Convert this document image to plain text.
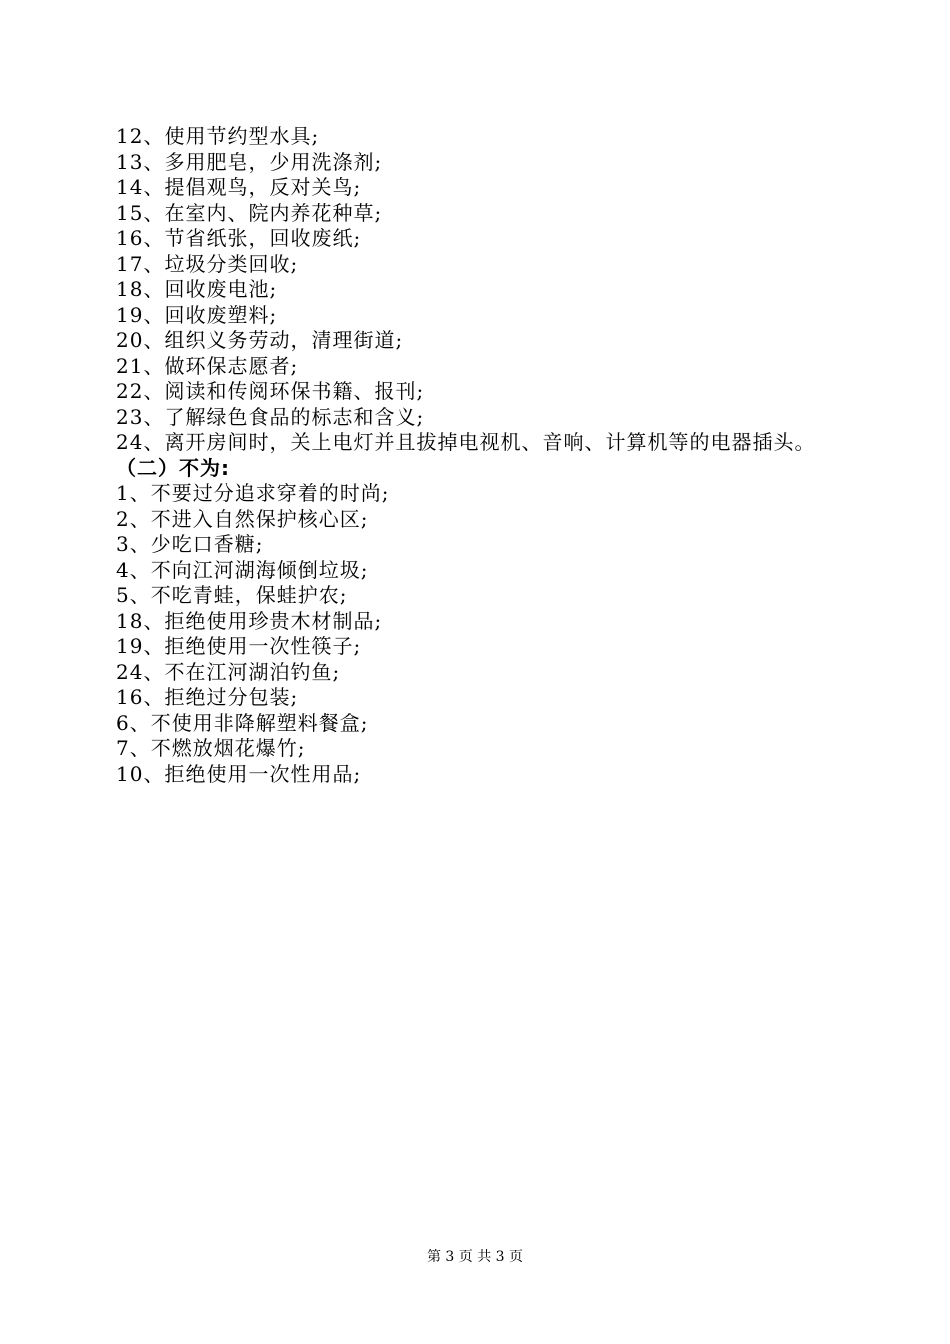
12、使用节约型水具;
13、多用肥皂，少用洗涤剂;
14、提倡观鸟，反对关鸟;
15、在室内、院内养花种草;
16、节省纸张，回收废纸;
17、垃圾分类回收;
18、回收废电池;
19、回收废塑料;
20、组织义务劳动，清理街道;
21、做环保志愿者;
22、阅读和传阅环保书籍、报刊;
23、了解绿色食品的标志和含义;
24、离开房间时，关上电灯并且拔掉电视机、音响、计算机等的电器插头。
（二）不为:
1、不要过分追求穿着的时尚;
2、不进入自然保护核心区;
3、少吃口香糖;
4、不向江河湖海倾倒垃圾;
5、不吃青蛙，保蛙护农;
18、拒绝使用珍贵木材制品;
19、拒绝使用一次性筷子;
24、不在江河湖泊钓鱼;
16、拒绝过分包装;
6、不使用非降解塑料餐盒;
7、不燃放烟花爆竹;
10、拒绝使用一次性用品;
第 3 页 共 3 页
